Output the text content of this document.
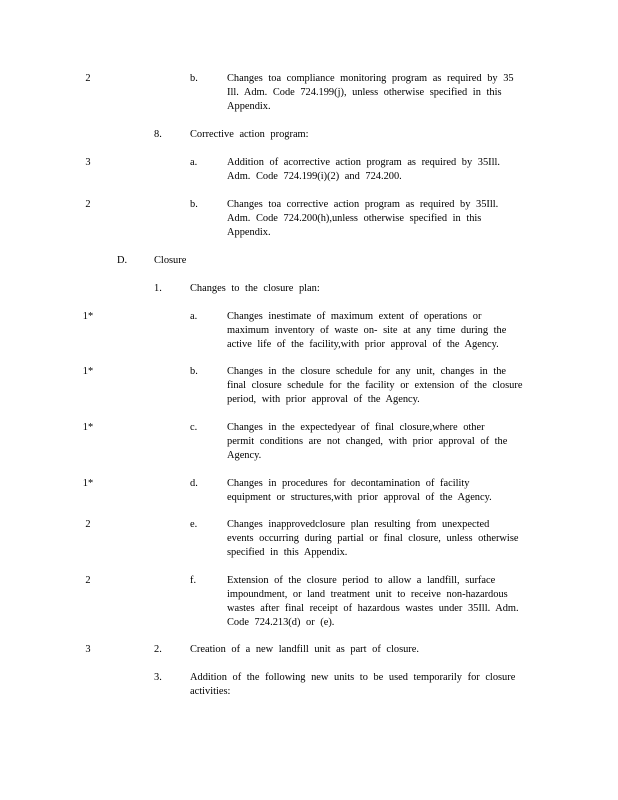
2	b.	Changes toa compliance monitoring program as required by 35
Ill. Adm. Code 724.199(j), unless otherwise specified in this
Appendix.
8.	Corrective action program:
3	a.	Addition of acorrective action program as required by 35Ill.
Adm. Code 724.199(i)(2) and 724.200.
2	b.	Changes toa corrective action program as required by 35Ill.
Adm. Code 724.200(h),unless otherwise specified in this
Appendix.
D.	Closure
1.	Changes to the closure plan:
1*	a.	Changes inestimate of maximum extent of operations or
maximum inventory of waste on- site at any time during the
active life of the facility,with prior approval of the Agency.
1*	b.	Changes in the closure schedule for any unit, changes in the
final closure schedule for the facility or extension of the closure
period, with prior approval of the Agency.
1*	c.	Changes in the expectedyear of final closure,where other
permit conditions are not changed, with prior approval of the
Agency.
1*	d.	Changes in procedures for decontamination of facility
equipment or structures,with prior approval of the Agency.
2	e.	Changes inapprovedclosure plan resulting from unexpected
events occurring during partial or final closure, unless otherwise
specified in this Appendix.
2	f.	Extension of the closure period to allow a landfill, surface
impoundment, or land treatment unit to receive non-hazardous
wastes after final receipt of hazardous wastes under 35Ill. Adm.
Code 724.213(d) or (e).
3	2.	Creation of a new landfill unit as part of closure.
3.	Addition of the following new units to be used temporarily for closure
activities:
